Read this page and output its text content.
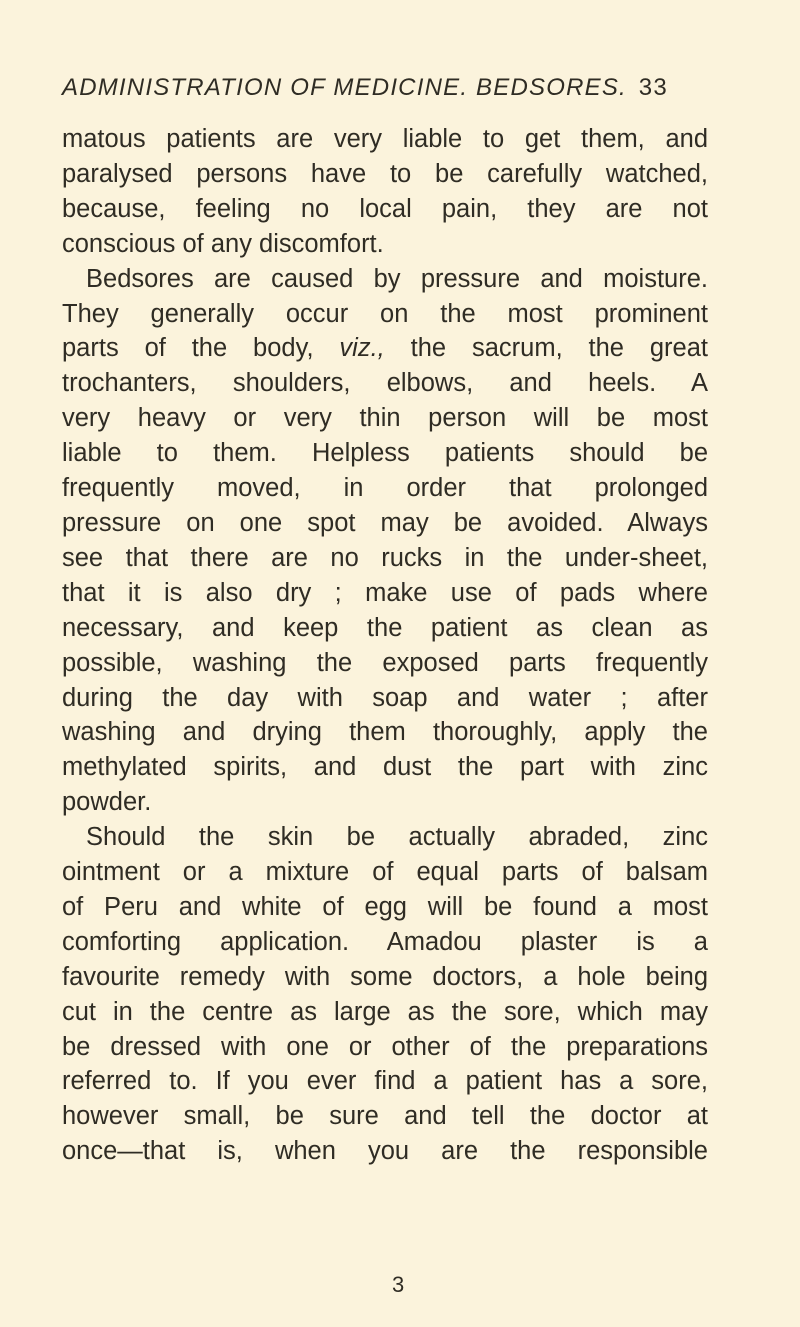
ADMINISTRATION OF MEDICINE. BEDSORES. 33
matous patients are very liable to get them, and
paralysed persons have to be carefully watched,
because, feeling no local pain, they are not
conscious of any discomfort.
Bedsores are caused by pressure and moisture.
They generally occur on the most prominent
parts of the body, viz., the sacrum, the great
trochanters, shoulders, elbows, and heels. A
very heavy or very thin person will be most
liable to them. Helpless patients should be
frequently moved, in order that prolonged
pressure on one spot may be avoided. Always
see that there are no rucks in the under-sheet,
that it is also dry ; make use of pads where
necessary, and keep the patient as clean as
possible, washing the exposed parts frequently
during the day with soap and water ; after
washing and drying them thoroughly, apply the
methylated spirits, and dust the part with zinc
powder.
Should the skin be actually abraded, zinc
ointment or a mixture of equal parts of balsam
of Peru and white of egg will be found a most
comforting application. Amadou plaster is a
favourite remedy with some doctors, a hole being
cut in the centre as large as the sore, which may
be dressed with one or other of the preparations
referred to. If you ever find a patient has a sore,
however small, be sure and tell the doctor at
once—that is, when you are the responsible
3
